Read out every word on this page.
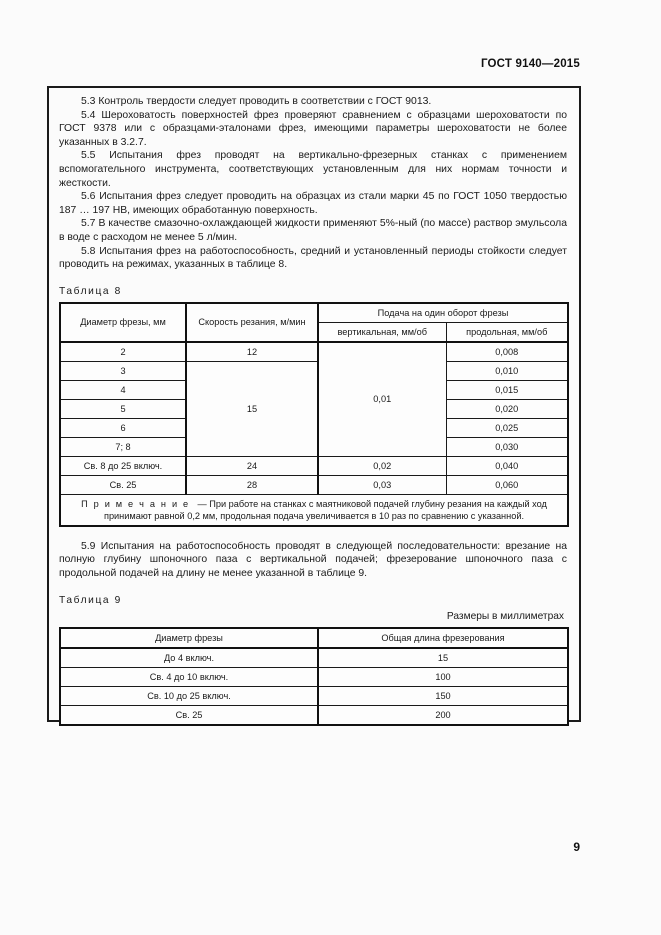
ГОСТ 9140—2015

5.3 Контроль твердости следует проводить в соответствии с ГОСТ 9013.

5.4 Шероховатость поверхностей фрез проверяют сравнением с образцами шероховатости по ГОСТ 9378 или с образцами-эталонами фрез, имеющими параметры шероховатости не более указанных в 3.2.7.

5.5 Испытания фрез проводят на вертикально-фрезерных станках с применением вспомогательного инструмента, соответствующих установленным для них нормам точности и жесткости.

5.6 Испытания фрез следует проводить на образцах из стали марки 45 по ГОСТ 1050 твердостью 187 … 197 НВ, имеющих обработанную поверхность.

5.7 В качестве смазочно-охлаждающей жидкости применяют 5%-ный (по массе) раствор эмульсола в воде с расходом не менее 5 л/мин.

5.8 Испытания фрез на работоспособность, средний и установленный периоды стойкости следует проводить на режимах, указанных в таблице 8.

Таблица 8
Диаметр фрезы, мм	Скорость резания, м/мин	Подача на один оборот фрезы	
		вертикальная, мм/об	продольная, мм/об
2	12	0,01	0,008
3	15		0,010
4			0,015
5			0,020
6			0,025
7; 8			0,030
Св. 8 до 25 включ.	24	0,02	0,040
Св. 25	28	0,03	0,060
П р и м е ч а н и е — При работе на станках с маятниковой подачей глубину резания на каждый ход принимают равной 0,2 мм, продольная подача увеличивается в 10 раз по сравнению с указанной.			

5.9 Испытания на работоспособность проводят в следующей последовательности: врезание на полную глубину шпоночного паза с вертикальной подачей; фрезерование шпоночного паза с продольной подачей на длину не менее указанной в таблице 9.

Таблица 9
Размеры в миллиметрах
Диаметр фрезы	Общая длина фрезерования
До 4 включ.	15
Св. 4 до 10 включ.	100
Св. 10 до 25 включ.	150
Св. 25	200
9
